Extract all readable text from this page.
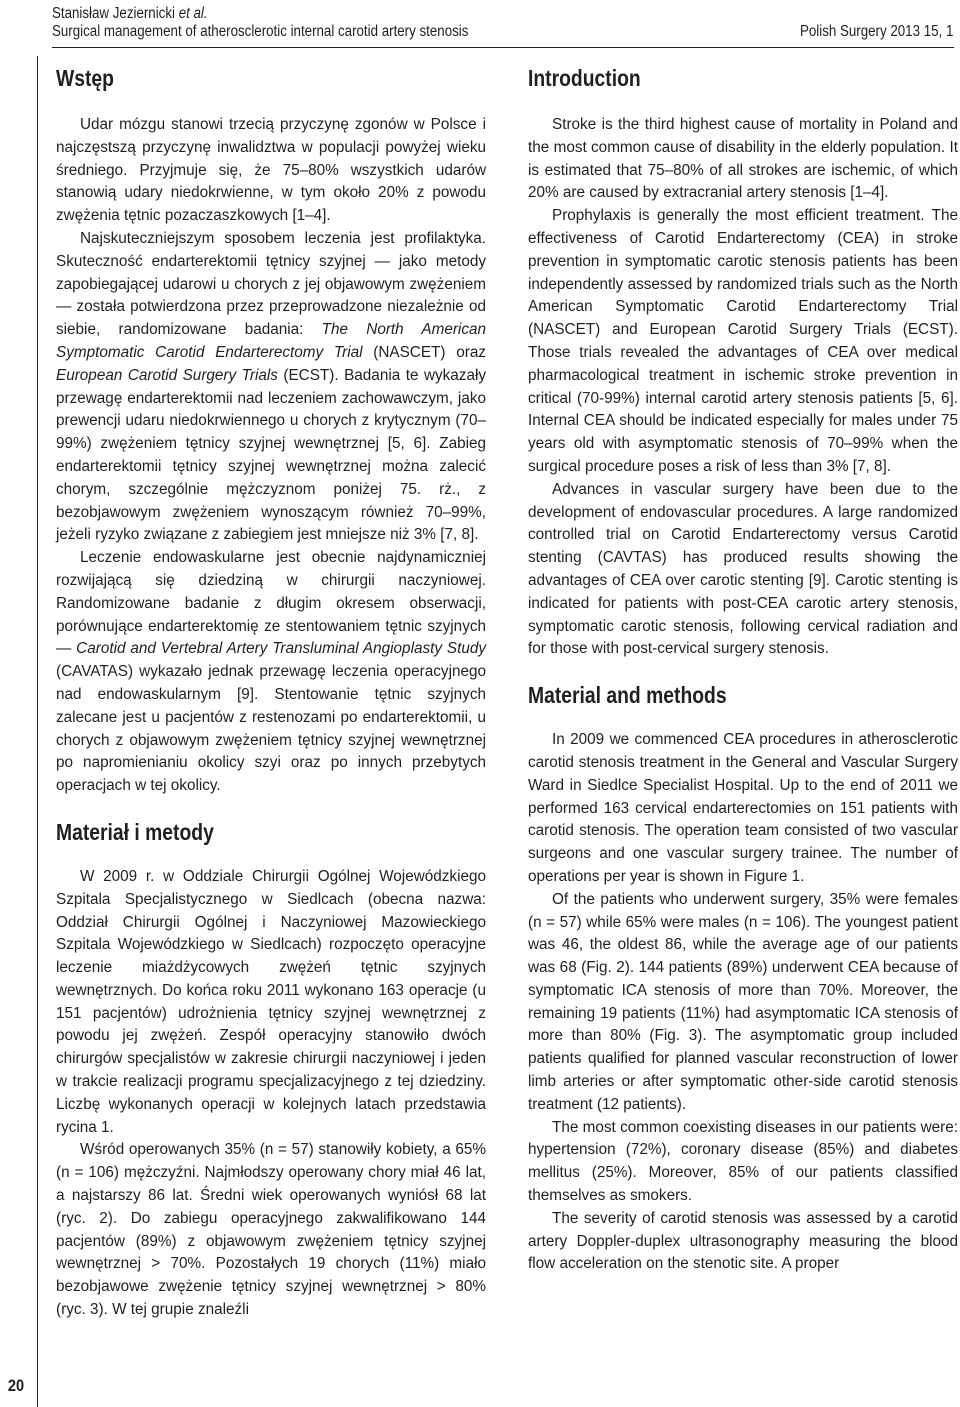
Stanisław Jeziernicki et al.
Surgical management of atherosclerotic internal carotid artery stenosis	Polish Surgery 2013 15, 1
20
Wstęp

Udar mózgu stanowi trzecią przyczynę zgonów w Polsce i najczęstszą przyczynę inwalidztwa w populacji powyżej wieku średniego. Przyjmuje się, że 75–80% wszystkich udarów stanowią udary niedokrwienne, w tym około 20% z powodu zwężenia tętnic pozaczaszkowych [1–4].

Najskuteczniejszym sposobem leczenia jest profilaktyka. Skuteczność endarterektomii tętnicy szyjnej — jako metody zapobiegającej udarowi u chorych z jej objawowym zwężeniem — została potwierdzona przez przeprowadzone niezależnie od siebie, randomizowane badania: The North American Symptomatic Carotid Endarterectomy Trial (NASCET) oraz European Carotid Surgery Trials (ECST). Badania te wykazały przewagę endarterektomii nad leczeniem zachowawczym, jako prewencji udaru niedokrwiennego u chorych z krytycznym (70–99%) zwężeniem tętnicy szyjnej wewnętrznej [5, 6]. Zabieg endarterektomii tętnicy szyjnej wewnętrznej można zalecić chorym, szczególnie mężczyznom poniżej 75. rż., z bezobjawowym zwężeniem wynoszącym również 70–99%, jeżeli ryzyko związane z zabiegiem jest mniejsze niż 3% [7, 8].

Leczenie endowaskularne jest obecnie najdynamiczniej rozwijającą się dziedziną w chirurgii naczyniowej. Randomizowane badanie z długim okresem obserwacji, porównujące endarterektomię ze stentowaniem tętnic szyjnych — Carotid and Vertebral Artery Transluminal Angioplasty Study (CAVATAS) wykazało jednak przewagę leczenia operacyjnego nad endowaskularnym [9]. Stentowanie tętnic szyjnych zalecane jest u pacjentów z restenozami po endarterektomii, u chorych z objawowym zwężeniem tętnicy szyjnej wewnętrznej po napromienianiu okolicy szyi oraz po innych przebytych operacjach w tej okolicy.

Materiał i metody

W 2009 r. w Oddziale Chirurgii Ogólnej Wojewódzkiego Szpitala Specjalistycznego w Siedlcach (obecna nazwa: Oddział Chirurgii Ogólnej i Naczyniowej Mazowieckiego Szpitala Wojewódzkiego w Siedlcach) rozpoczęto operacyjne leczenie miażdżycowych zwężeń tętnic szyjnych wewnętrznych. Do końca roku 2011 wykonano 163 operacje (u 151 pacjentów) udrożnienia tętnicy szyjnej wewnętrznej z powodu jej zwężeń. Zespół operacyjny stanowiło dwóch chirurgów specjalistów w zakresie chirurgii naczyniowej i jeden w trakcie realizacji programu specjalizacyjnego z tej dziedziny. Liczbę wykonanych operacji w kolejnych latach przedstawia rycina 1.

Wśród operowanych 35% (n = 57) stanowiły kobiety, a 65% (n = 106) mężczyźni. Najmłodszy operowany chory miał 46 lat, a najstarszy 86 lat. Średni wiek operowanych wyniósł 68 lat (ryc. 2). Do zabiegu operacyjnego zakwalifikowano 144 pacjentów (89%) z objawowym zwężeniem tętnicy szyjnej wewnętrznej > 70%. Pozostałych 19 chorych (11%) miało bezobjawowe zwężenie tętnicy szyjnej wewnętrznej > 80% (ryc. 3). W tej grupie znaleźli

Introduction

Stroke is the third highest cause of mortality in Poland and the most common cause of disability in the elderly population. It is estimated that 75–80% of all strokes are ischemic, of which 20% are caused by extracranial artery stenosis [1–4].

Prophylaxis is generally the most efficient treatment. The effectiveness of Carotid Endarterectomy (CEA) in stroke prevention in symptomatic carotic stenosis patients has been independently assessed by randomized trials such as the North American Symptomatic Carotid Endarterectomy Trial (NASCET) and European Carotid Surgery Trials (ECST). Those trials revealed the advantages of CEA over medical pharmacological treatment in ischemic stroke prevention in critical (70-99%) internal carotid artery stenosis patients [5, 6]. Internal CEA should be indicated especially for males under 75 years old with asymptomatic stenosis of 70–99% when the surgical procedure poses a risk of less than 3% [7, 8].

Advances in vascular surgery have been due to the development of endovascular procedures. A large randomized controlled trial on Carotid Endarterectomy versus Carotid stenting (CAVTAS) has produced results showing the advantages of CEA over carotic stenting [9]. Carotic stenting is indicated for patients with post-CEA carotic artery stenosis, symptomatic carotic stenosis, following cervical radiation and for those with post-cervical surgery stenosis.

Material and methods

In 2009 we commenced CEA procedures in atherosclerotic carotid stenosis treatment in the General and Vascular Surgery Ward in Siedlce Specialist Hospital. Up to the end of 2011 we performed 163 cervical endarterectomies on 151 patients with carotid stenosis. The operation team consisted of two vascular surgeons and one vascular surgery trainee. The number of operations per year is shown in Figure 1.

Of the patients who underwent surgery, 35% were females (n = 57) while 65% were males (n = 106). The youngest patient was 46, the oldest 86, while the average age of our patients was 68 (Fig. 2). 144 patients (89%) underwent CEA because of symptomatic ICA stenosis of more than 70%. Moreover, the remaining 19 patients (11%) had asymptomatic ICA stenosis of more than 80% (Fig. 3). The asymptomatic group included patients qualified for planned vascular reconstruction of lower limb arteries or after symptomatic other-side carotid stenosis treatment (12 patients).

The most common coexisting diseases in our patients were: hypertension (72%), coronary disease (85%) and diabetes mellitus (25%). Moreover, 85% of our patients classified themselves as smokers.

The severity of carotid stenosis was assessed by a carotid artery Doppler-duplex ultrasonography measuring the blood flow acceleration on the stenotic site. A proper
